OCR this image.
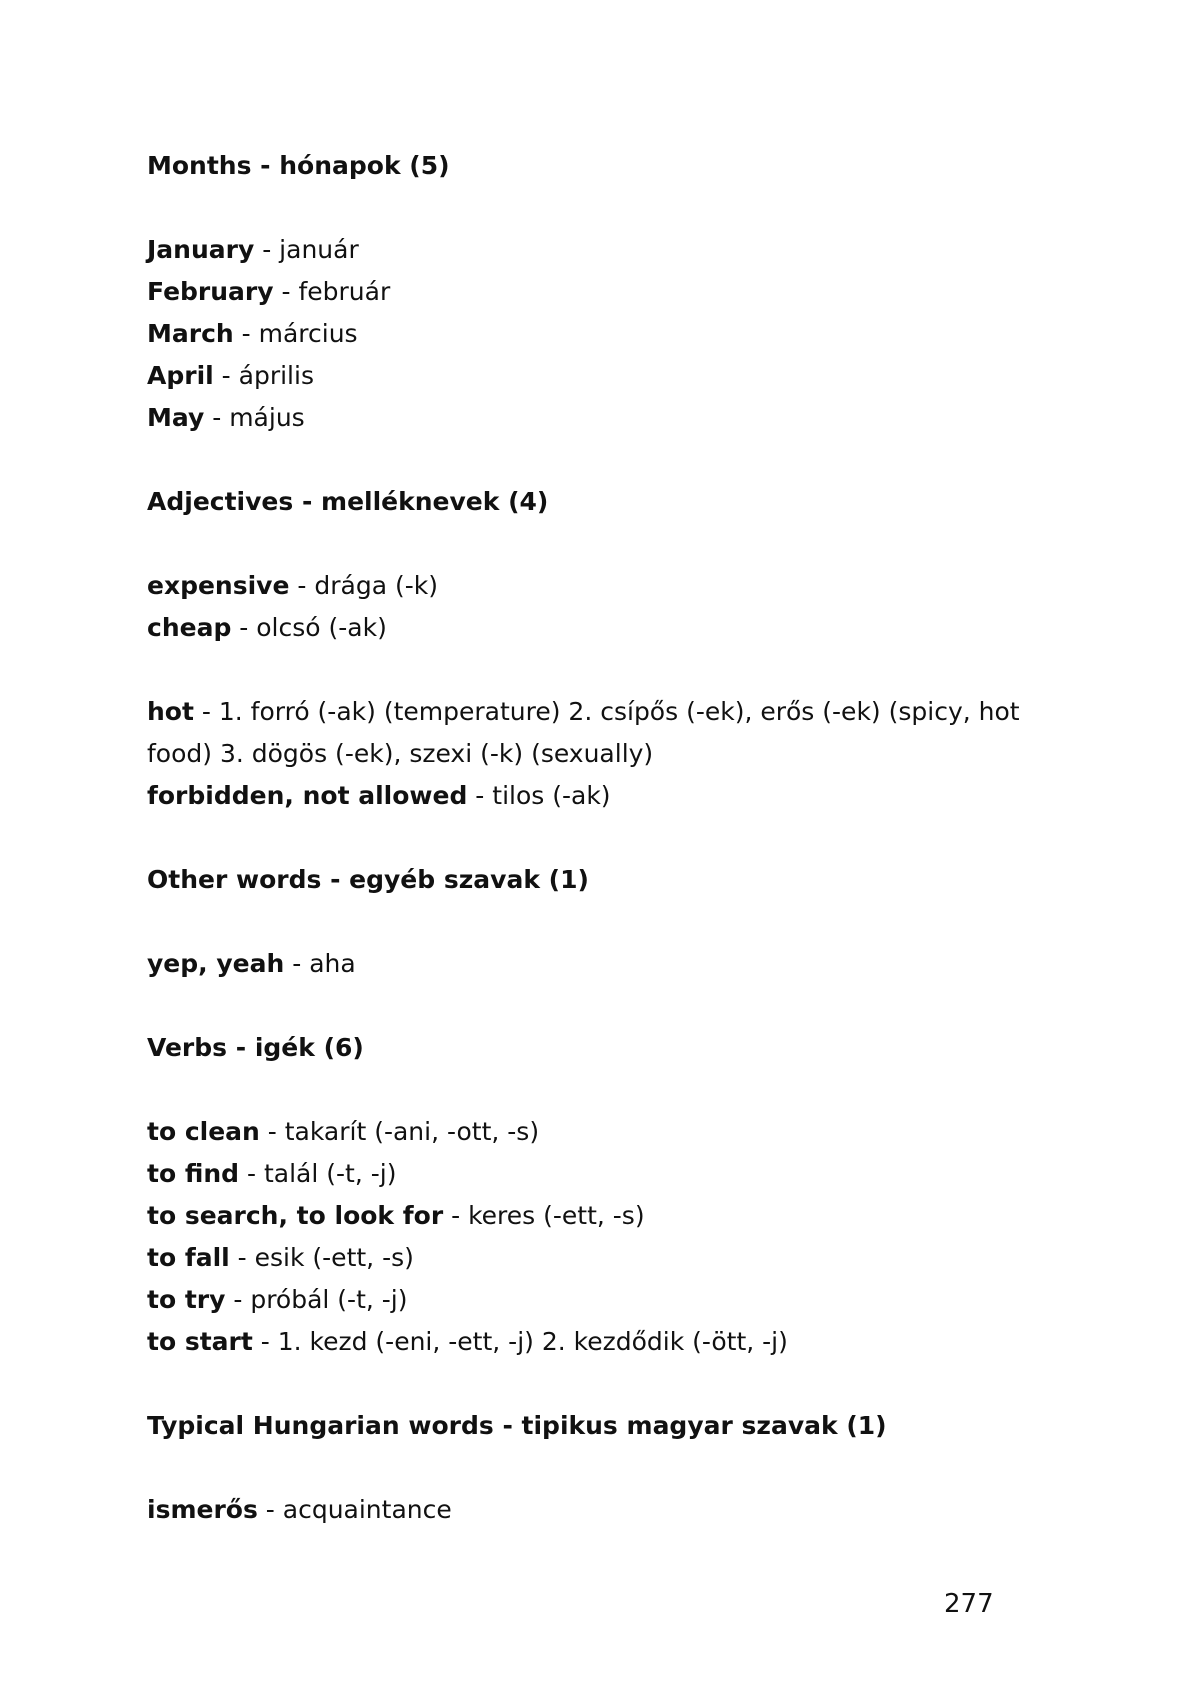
Months - hónapok (5)
January - január
February - február
March - március
April - április
May - május
Adjectives - melléknevek (4)
expensive - drága (-k)
cheap - olcsó (-ak)
hot - 1. forró (-ak) (temperature) 2. csípős (-ek), erős (-ek) (spicy, hot food) 3. dögös (-ek), szexi (-k) (sexually)
forbidden, not allowed - tilos (-ak)
Other words - egyéb szavak (1)
yep, yeah - aha
Verbs - igék (6)
to clean - takarít (-ani, -ott, -s)
to find - talál (-t, -j)
to search, to look for - keres (-ett, -s)
to fall - esik (-ett, -s)
to try - próbál (-t, -j)
to start - 1. kezd (-eni, -ett, -j) 2. kezdődik (-ött, -j)
Typical Hungarian words - tipikus magyar szavak (1)
ismerős - acquaintance
277
